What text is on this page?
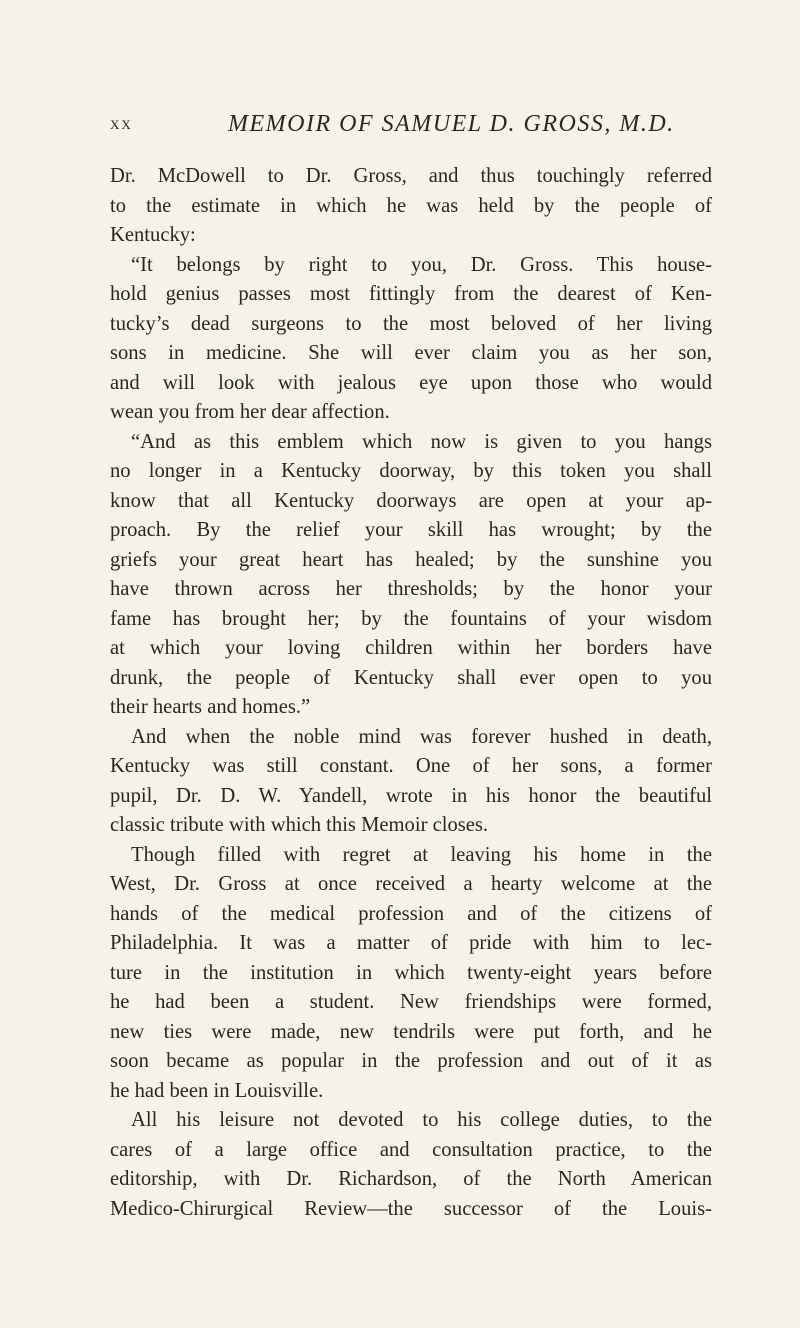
xx	MEMOIR OF SAMUEL D. GROSS, M.D.
Dr. McDowell to Dr. Gross, and thus touchingly referred
to the estimate in which he was held by the people of
Kentucky:
“It belongs by right to you, Dr. Gross. This house-
hold genius passes most fittingly from the dearest of Ken-
tucky’s dead surgeons to the most beloved of her living
sons in medicine. She will ever claim you as her son,
and will look with jealous eye upon those who would
wean you from her dear affection.
“And as this emblem which now is given to you hangs
no longer in a Kentucky doorway, by this token you shall
know that all Kentucky doorways are open at your ap-
proach. By the relief your skill has wrought; by the
griefs your great heart has healed; by the sunshine you
have thrown across her thresholds; by the honor your
fame has brought her; by the fountains of your wisdom
at which your loving children within her borders have
drunk, the people of Kentucky shall ever open to you
their hearts and homes.”
And when the noble mind was forever hushed in death,
Kentucky was still constant. One of her sons, a former
pupil, Dr. D. W. Yandell, wrote in his honor the beautiful
classic tribute with which this Memoir closes.
Though filled with regret at leaving his home in the
West, Dr. Gross at once received a hearty welcome at the
hands of the medical profession and of the citizens of
Philadelphia. It was a matter of pride with him to lec-
ture in the institution in which twenty-eight years before
he had been a student. New friendships were formed,
new ties were made, new tendrils were put forth, and he
soon became as popular in the profession and out of it as
he had been in Louisville.
All his leisure not devoted to his college duties, to the
cares of a large office and consultation practice, to the
editorship, with Dr. Richardson, of the North American
Medico-Chirurgical Review—the successor of the Louis-
